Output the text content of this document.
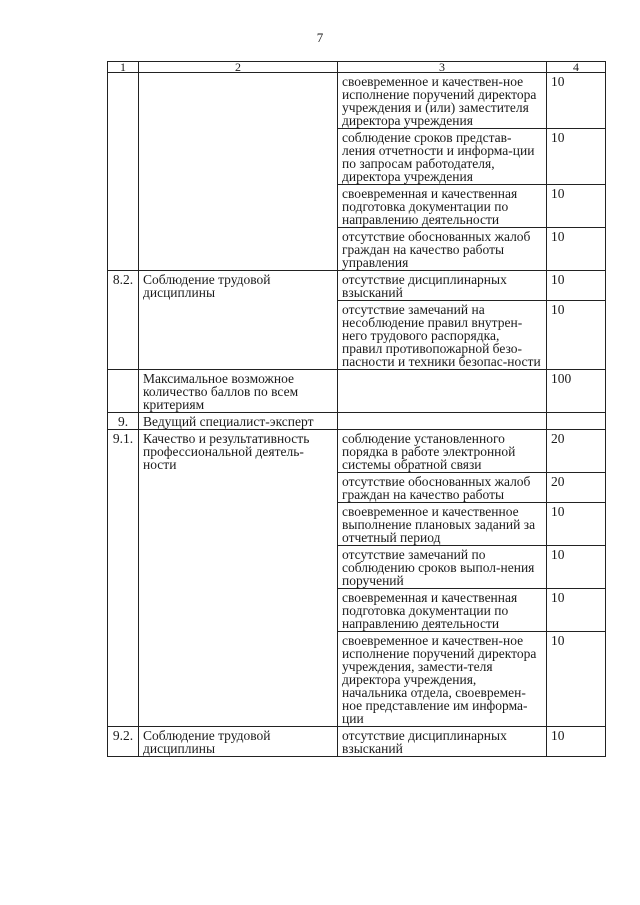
7
1	2	3	4
		своевременное и качествен-ное исполнение поручений директора учреждения и (или) заместителя директора учреждения	10
		соблюдение сроков представ-ления отчетности и информа-ции по запросам работодателя, директора учреждения	10
		своевременная и качественная подготовка документации по направлению деятельности	10
		отсутствие обоснованных жалоб граждан на качество работы управления	10
8.2.	Соблюдение трудовой дисциплины	отсутствие дисциплинарных взысканий	10
		отсутствие замечаний на несоблюдение правил внутрен-него трудового распорядка, правил противопожарной безо-пасности и техники безопас-ности	10
	Максимальное возможное количество баллов по всем критериям		100
9.	Ведущий специалист-эксперт		
9.1.	Качество и результативность профессиональной деятель-ности	соблюдение установленного порядка в работе электронной системы обратной связи	20
		отсутствие обоснованных жалоб граждан на качество работы	20
		своевременное и качественное выполнение плановых заданий за отчетный период	10
		отсутствие замечаний по соблюдению сроков выпол-нения поручений	10
		своевременная и качественная подготовка документации по направлению деятельности	10
		своевременное и качествен-ное исполнение поручений директора учреждения, замести-теля директора учреждения, начальника отдела, своевремен-ное представление им информа-ции	10
9.2.	Соблюдение трудовой дисциплины	отсутствие дисциплинарных взысканий	10
